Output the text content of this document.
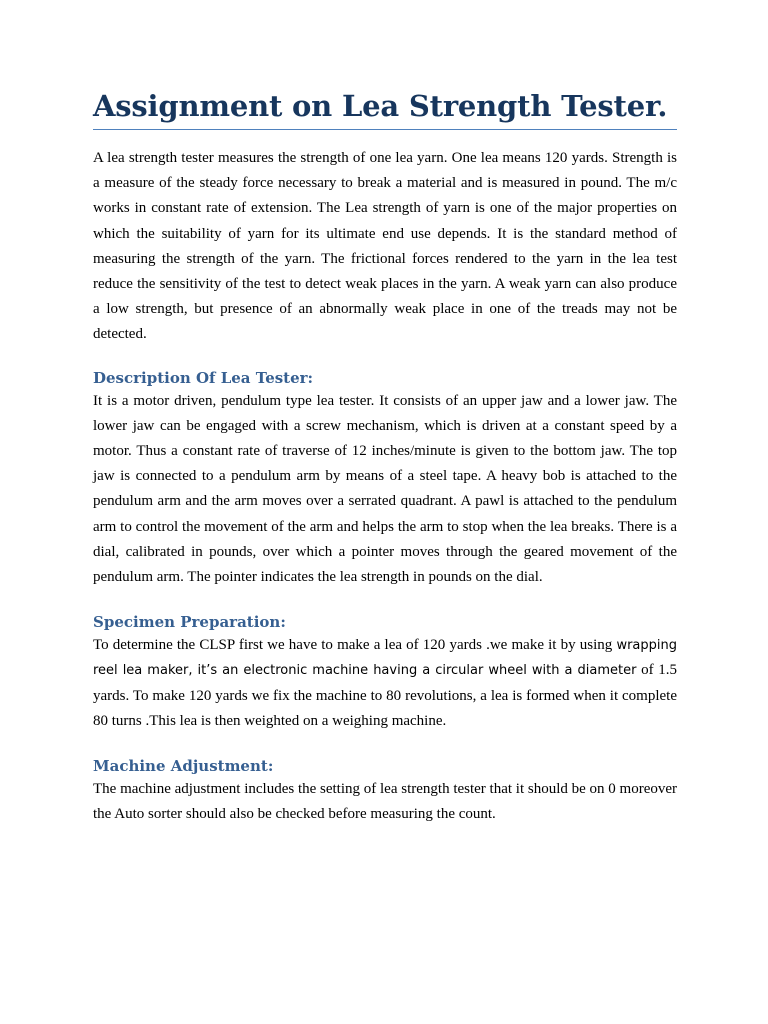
Assignment on Lea Strength Tester.

A lea strength tester measures the strength of one lea yarn. One lea means 120 yards. Strength is a measure of the steady force necessary to break a material and is measured in pound. The m/c works in constant rate of extension. The Lea strength of yarn is one of the major properties on which the suitability of yarn for its ultimate end use depends. It is the standard method of measuring the strength of the yarn. The frictional forces rendered to the yarn in the lea test reduce the sensitivity of the test to detect weak places in the yarn. A weak yarn can also produce a low strength, but presence of an abnormally weak place in one of the treads may not be detected.

Description Of Lea Tester:

It is a motor driven, pendulum type lea tester. It consists of an upper jaw and a lower jaw. The lower jaw can be engaged with a screw mechanism, which is driven at a constant speed by a motor. Thus a constant rate of traverse of 12 inches/minute is given to the bottom jaw. The top jaw is connected to a pendulum arm by means of a steel tape. A heavy bob is attached to the pendulum arm and the arm moves over a serrated quadrant. A pawl is attached to the pendulum arm to control the movement of the arm and helps the arm to stop when the lea breaks. There is a dial, calibrated in pounds, over which a pointer moves through the geared movement of the pendulum arm. The pointer indicates the lea strength in pounds on the dial.

Specimen Preparation:

To determine the CLSP first we have to make a lea of 120 yards .we make it by using wrapping reel lea maker, it’s an electronic machine having a circular wheel with a diameter of 1.5 yards. To make 120 yards we fix the machine to 80 revolutions, a lea is formed when it complete 80 turns .This lea is then weighted on a weighing machine.

Machine Adjustment:

The machine adjustment includes the setting of lea strength tester that it should be on 0 moreover the Auto sorter should also be checked before measuring the count.
